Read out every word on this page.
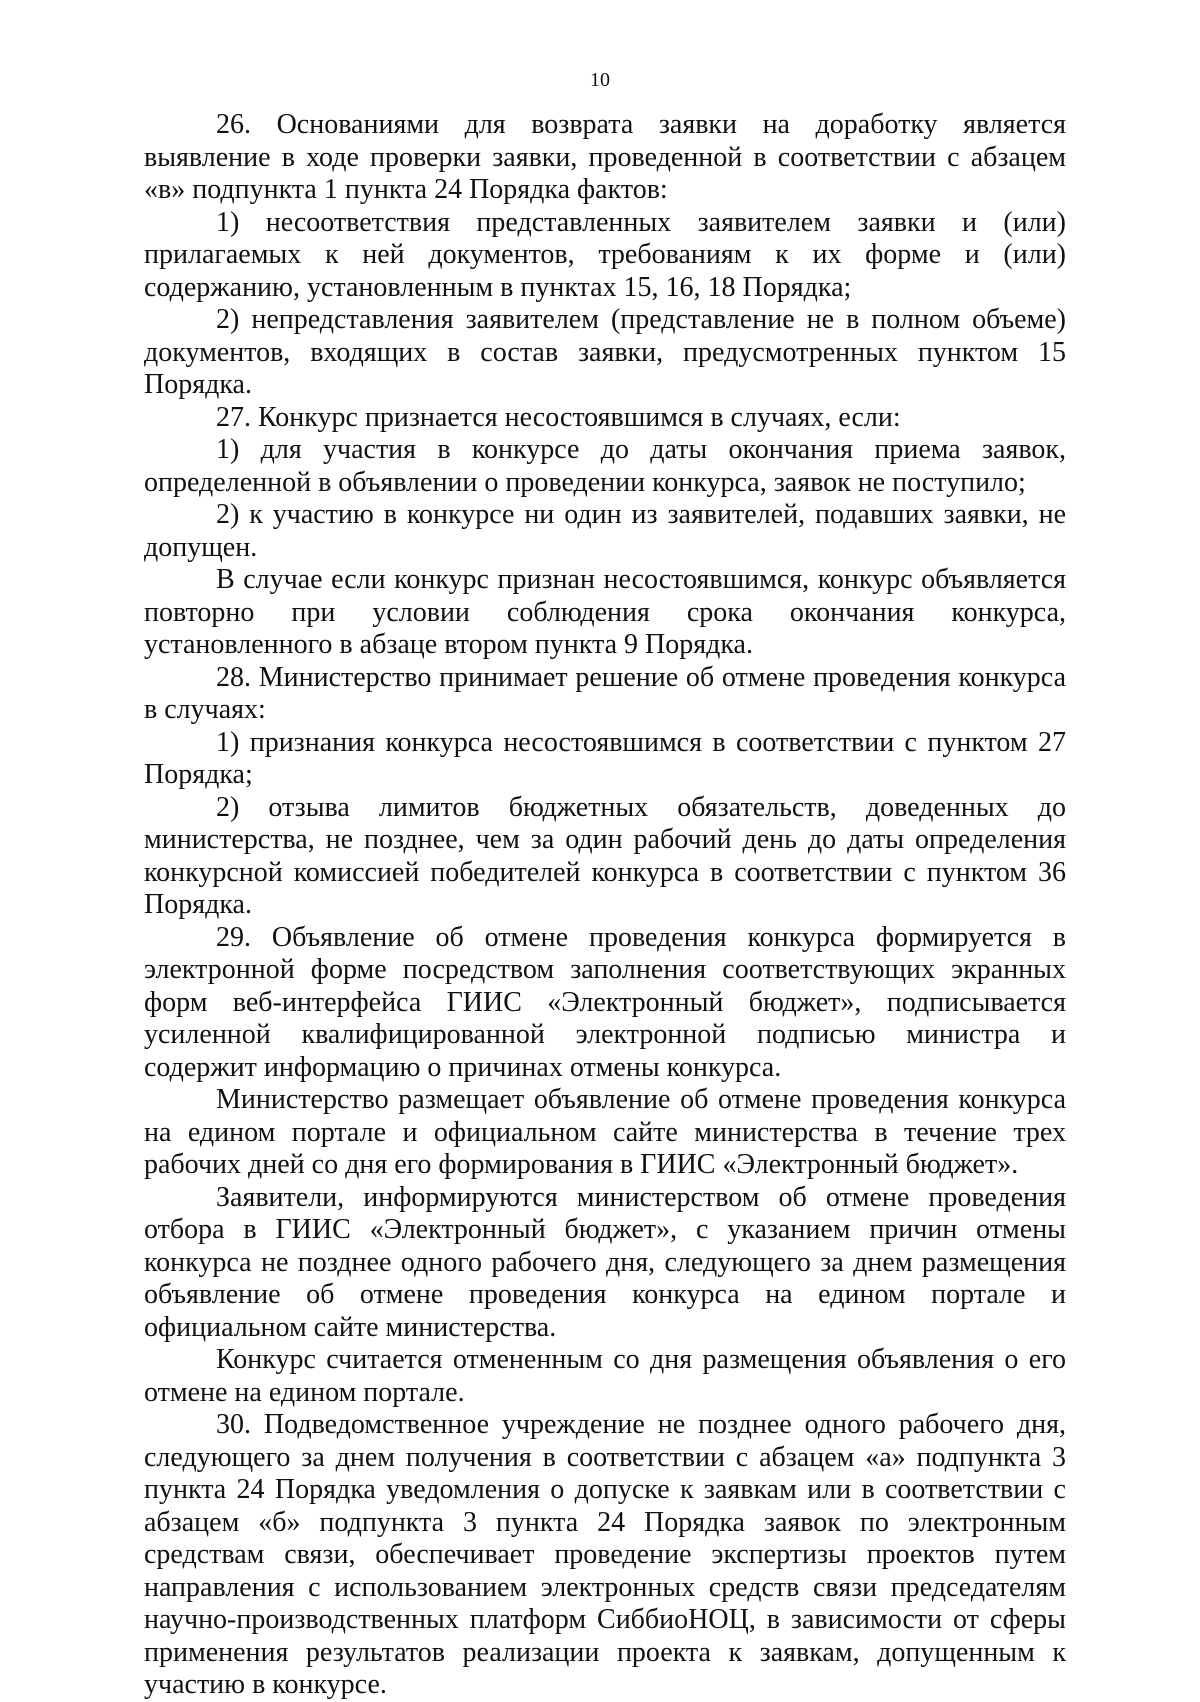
10

26. Основаниями для возврата заявки на доработку является выявление в ходе проверки заявки, проведенной в соответствии с абзацем «в» подпункта 1 пункта 24 Порядка фактов:

1) несоответствия представленных заявителем заявки и (или) прилагаемых к ней документов, требованиям к их форме и (или) содержанию, установленным в пунктах 15, 16, 18 Порядка;

2) непредставления заявителем (представление не в полном объеме) документов, входящих в состав заявки, предусмотренных пунктом 15 Порядка.

27. Конкурс признается несостоявшимся в случаях, если:

1) для участия в конкурсе до даты окончания приема заявок, определенной в объявлении о проведении конкурса, заявок не поступило;

2) к участию в конкурсе ни один из заявителей, подавших заявки, не допущен.

В случае если конкурс признан несостоявшимся, конкурс объявляется повторно при условии соблюдения срока окончания конкурса, установленного в абзаце втором пункта 9 Порядка.

28. Министерство принимает решение об отмене проведения конкурса в случаях:

1) признания конкурса несостоявшимся в соответствии с пунктом 27 Порядка;

2) отзыва лимитов бюджетных обязательств, доведенных до министерства, не позднее, чем за один рабочий день до даты определения конкурсной комиссией победителей конкурса в соответствии с пунктом 36 Порядка.

29. Объявление об отмене проведения конкурса формируется в электронной форме посредством заполнения соответствующих экранных форм веб-интерфейса ГИИС «Электронный бюджет», подписывается усиленной квалифицированной электронной подписью министра и содержит информацию о причинах отмены конкурса.

Министерство размещает объявление об отмене проведения конкурса на едином портале и официальном сайте министерства в течение трех рабочих дней со дня его формирования в ГИИС «Электронный бюджет».

Заявители, информируются министерством об отмене проведения отбора в ГИИС «Электронный бюджет», с указанием причин отмены конкурса не позднее одного рабочего дня, следующего за днем размещения объявление об отмене проведения конкурса на едином портале и официальном сайте министерства.

Конкурс считается отмененным со дня размещения объявления о его отмене на едином портале.

30. Подведомственное учреждение не позднее одного рабочего дня, следующего за днем получения в соответствии с абзацем «а» подпункта 3 пункта 24 Порядка уведомления о допуске к заявкам или в соответствии с абзацем «б» подпункта 3 пункта 24 Порядка заявок по электронным средствам связи, обеспечивает проведение экспертизы проектов путем направления с использованием электронных средств связи председателям научно-производственных платформ СиббиоНОЦ, в зависимости от сферы применения результатов реализации проекта к заявкам, допущенным к участию в конкурсе.
